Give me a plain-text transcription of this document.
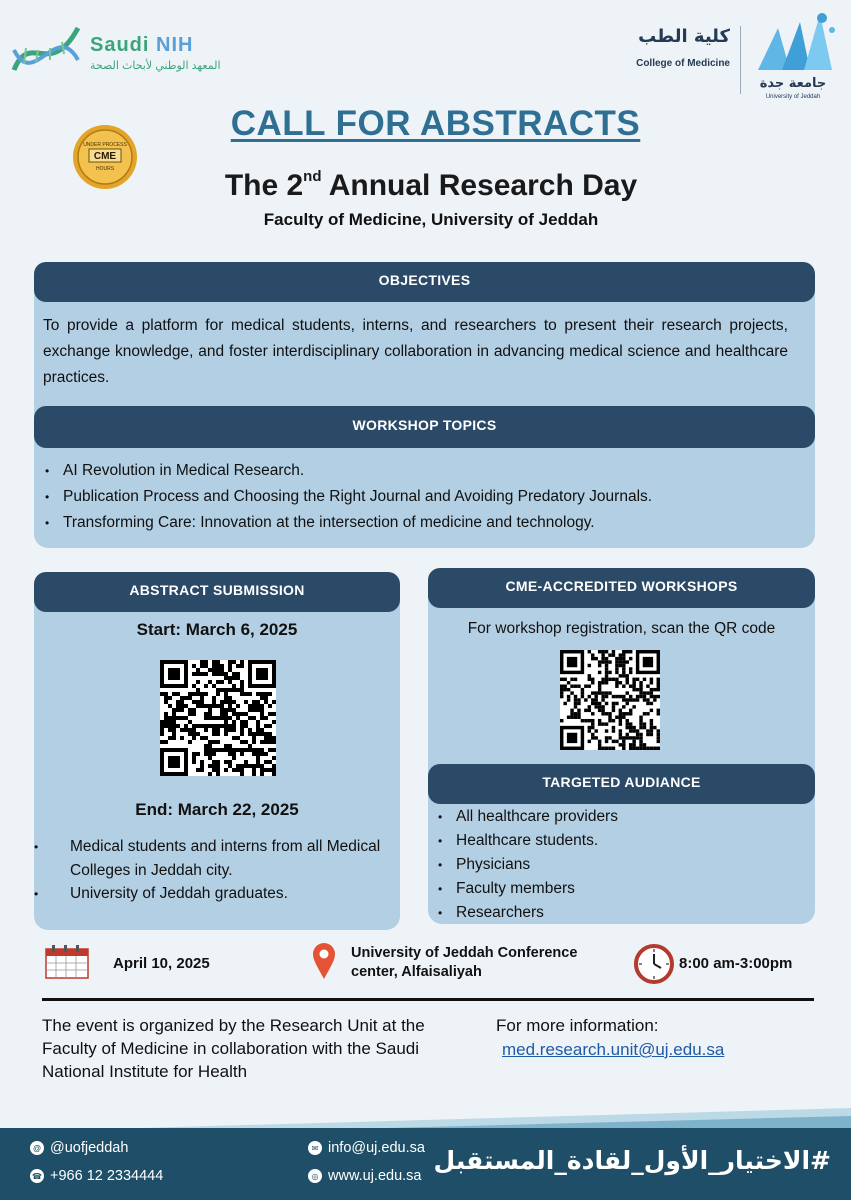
Saudi NIH
المعهد الوطني لأبحاث الصحة
كلية الطب
College of Medicine
جامعة جدة
University of Jeddah
UNDER PROCESS
CME
HOURS
CALL FOR ABSTRACTS
The 2nd Annual Research Day
Faculty of Medicine, University of Jeddah
OBJECTIVES
To provide a platform for medical students, interns, and researchers to present their research projects, exchange knowledge, and foster interdisciplinary collaboration in advancing medical science and healthcare practices.
WORKSHOP TOPICS
• AI Revolution in Medical Research.
• Publication Process and Choosing the Right Journal and Avoiding Predatory Journals.
• Transforming Care: Innovation at the intersection of medicine and technology.
ABSTRACT SUBMISSION
Start: March 6, 2025
End: March 22, 2025
• Medical students and interns from all Medical Colleges in Jeddah city.
• University of Jeddah graduates.
CME-ACCREDITED WORKSHOPS
For workshop registration, scan the QR code
TARGETED AUDIANCE
• All healthcare providers
• Healthcare students.
• Physicians
• Faculty members
• Researchers
April 10, 2025
University of Jeddah Conference center, Alfaisaliyah	8:00 am-3:00pm
The event is organized by the Research Unit at the Faculty of Medicine in collaboration with the Saudi National Institute for Health
For more information:
med.research.unit@uj.edu.sa
@ @uofjeddah
☎ +966 12 2334444
✉ info@uj.edu.sa
◎ www.uj.edu.sa
#الاختيار_الأول_لقادة_المستقبل
